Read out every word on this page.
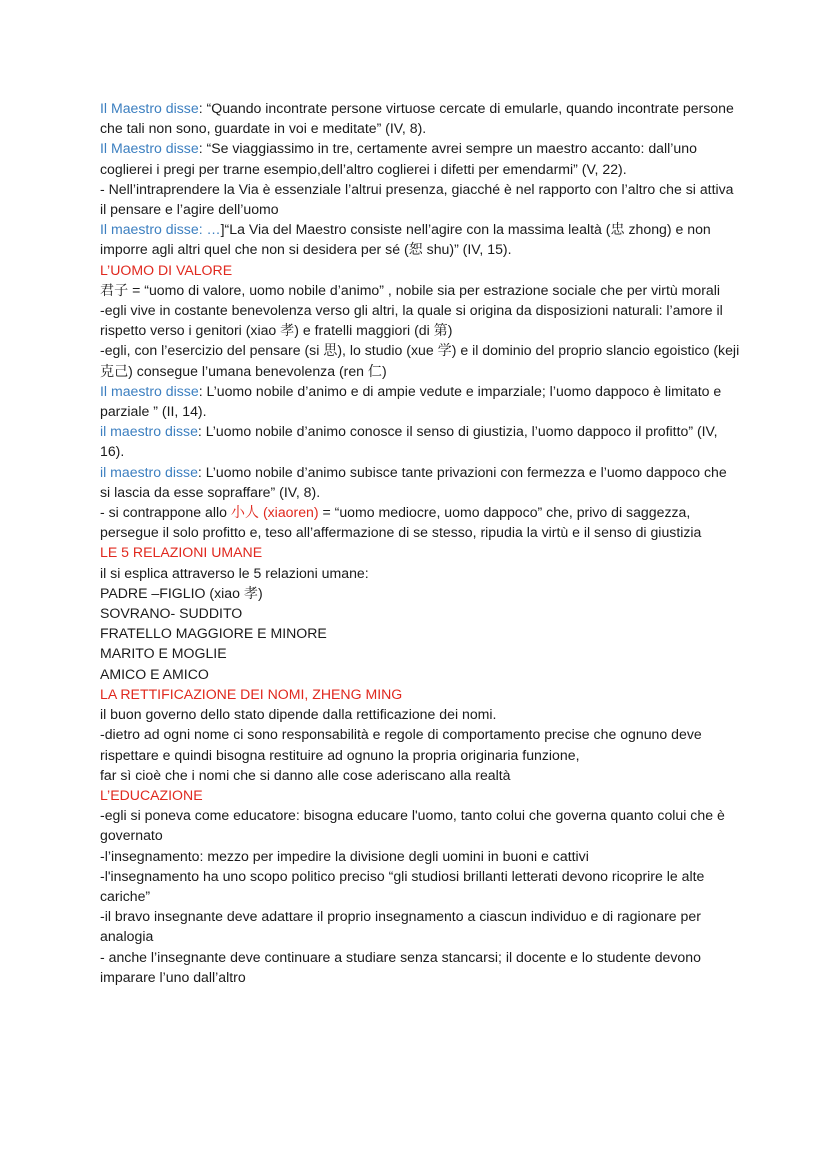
Il Maestro disse: “Quando incontrate persone virtuose cercate di emularle, quando incontrate persone che tali non sono, guardate in voi e meditate” (IV, 8).

Il Maestro disse: “Se viaggiassimo in tre, certamente avrei sempre un maestro accanto: dall’uno coglierei i pregi per trarne esempio,dell’altro coglierei i difetti per emendarmi” (V, 22).

- Nell’intraprendere la Via è essenziale l’altrui presenza, giacché è nel rapporto con l’altro che si attiva il pensare e l’agire dell’uomo

Il maestro disse: …]“La Via del Maestro consiste nell’agire con la massima lealtà (忠 zhong) e non imporre agli altri quel che non si desidera per sé (恕 shu)” (IV, 15).

L’UOMO DI VALORE

君子 = “uomo di valore, uomo nobile d’animo” , nobile sia per estrazione sociale che per virtù morali

-egli vive in costante benevolenza verso gli altri, la quale si origina da disposizioni naturali: l’amore il rispetto verso i genitori (xiao 孝) e fratelli maggiori (di 第)

-egli, con l’esercizio del pensare (si 思), lo studio (xue 学) e il dominio del proprio slancio egoistico (keji 克己) consegue l’umana benevolenza (ren 仁)

Il maestro disse: L’uomo nobile d’animo e di ampie vedute e imparziale; l’uomo dappoco è limitato e parziale ” (II, 14).

il maestro disse: L’uomo nobile d’animo conosce il senso di giustizia, l’uomo dappoco il profitto” (IV, 16).

il maestro disse: L’uomo nobile d’animo subisce tante privazioni con fermezza e l’uomo dappoco che si lascia da esse sopraffare” (IV, 8).

- si contrappone allo 小人 (xiaoren) = “uomo mediocre, uomo dappoco” che, privo di saggezza, persegue il solo profitto e, teso all’affermazione di se stesso, ripudia la virtù e il senso di giustizia

LE 5 RELAZIONI UMANE

il si esplica attraverso le 5 relazioni umane:

PADRE –FIGLIO (xiao 孝)

SOVRANO- SUDDITO

FRATELLO MAGGIORE E MINORE

MARITO E MOGLIE

AMICO E AMICO

LA RETTIFICAZIONE DEI NOMI, ZHENG MING

il buon governo dello stato dipende dalla rettificazione dei nomi.

-dietro ad ogni nome ci sono responsabilità e regole di comportamento precise che ognuno deve rispettare e quindi bisogna restituire ad ognuno la propria originaria funzione,

far sì cioè che i nomi che si danno alle cose aderiscano alla realtà

L’EDUCAZIONE

-egli si poneva come educatore: bisogna educare l'uomo, tanto colui che governa quanto colui che è governato

-l’insegnamento: mezzo per impedire la divisione degli uomini in buoni e cattivi

-l'insegnamento ha uno scopo politico preciso “gli studiosi brillanti letterati devono ricoprire le alte cariche”

-il bravo insegnante deve adattare il proprio insegnamento a ciascun individuo e di ragionare per analogia

- anche l’insegnante deve continuare a studiare senza stancarsi; il docente e lo studente devono imparare l’uno dall’altro
